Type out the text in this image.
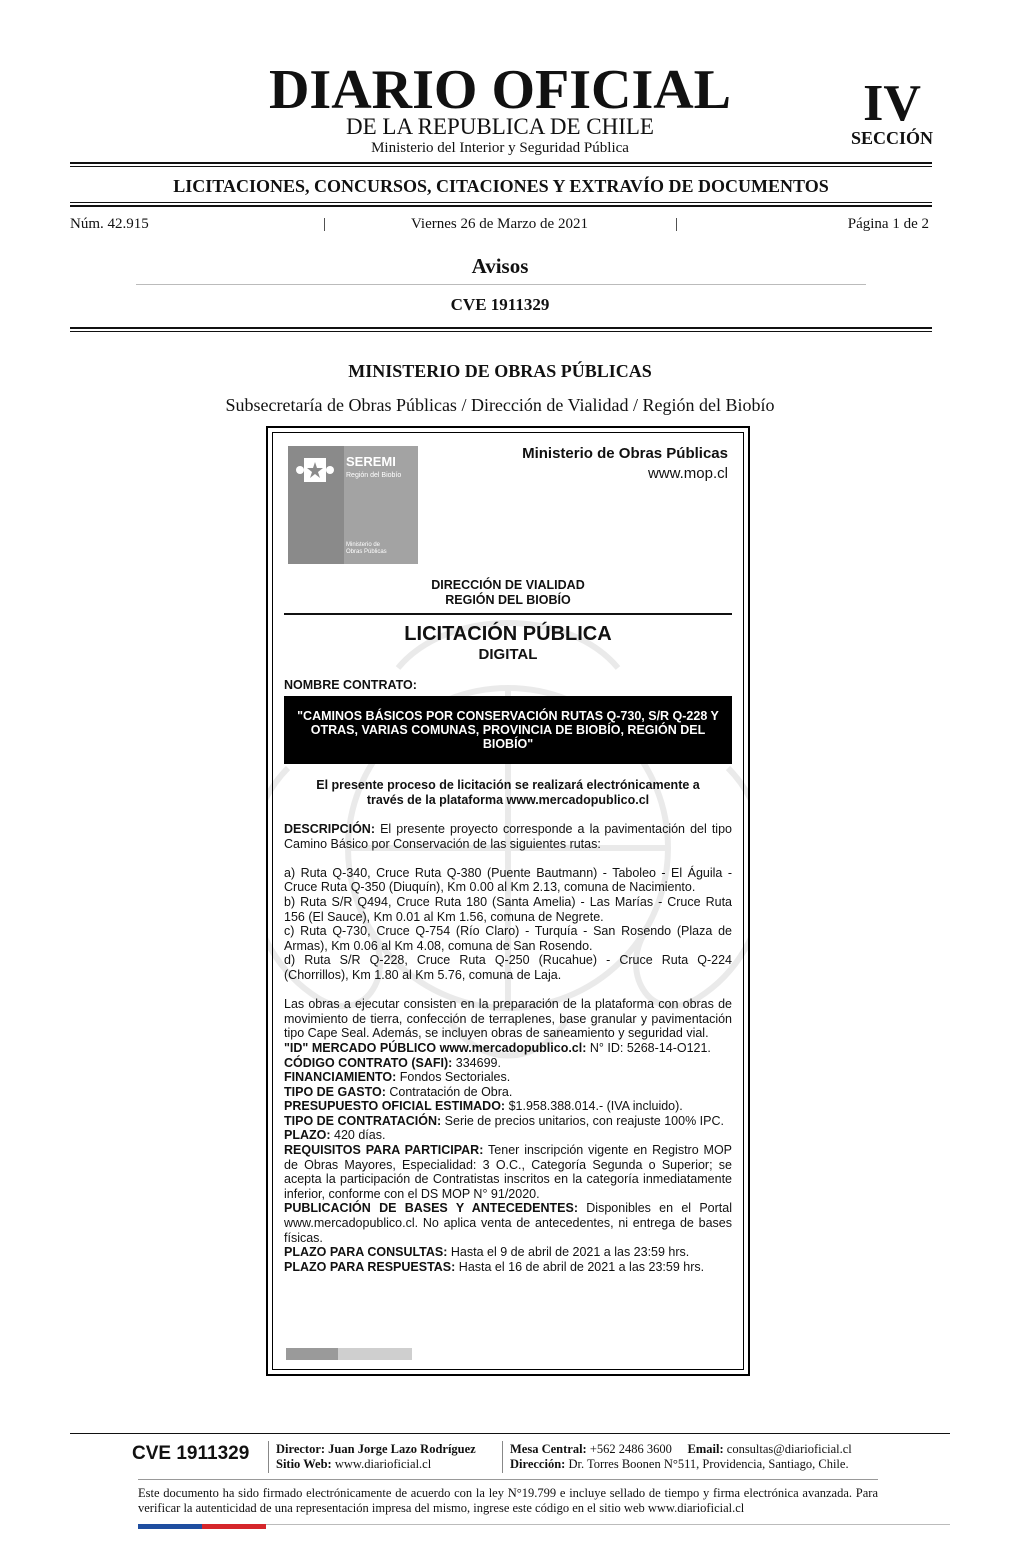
DIARIO OFICIAL
DE LA REPUBLICA DE CHILE
Ministerio del Interior y Seguridad Pública
IV
SECCIÓN
LICITACIONES, CONCURSOS, CITACIONES Y EXTRAVÍO DE DOCUMENTOS
Núm. 42.915	|	Viernes 26 de Marzo de 2021	|	Página 1 de 2
Avisos
CVE 1911329
MINISTERIO DE OBRAS PÚBLICAS
Subsecretaría de Obras Públicas / Dirección de Vialidad / Región del Biobío
SEREMI
Región del Biobío
Ministerio de
Obras Públicas
Ministerio de Obras Públicas
www.mop.cl
DIRECCIÓN DE VIALIDAD
REGIÓN DEL BIOBÍO
LICITACIÓN PÚBLICA
DIGITAL
NOMBRE CONTRATO:
"CAMINOS BÁSICOS POR CONSERVACIÓN RUTAS Q-730, S/R Q-228 Y OTRAS, VARIAS COMUNAS, PROVINCIA DE BIOBÍO, REGIÓN DEL BIOBÍO"
El presente proceso de licitación se realizará electrónicamente a través de la plataforma www.mercadopublico.cl

DESCRIPCIÓN: El presente proyecto corresponde a la pavimentación del tipo Camino Básico por Conservación de las siguientes rutas:

a) Ruta Q-340, Cruce Ruta Q-380 (Puente Bautmann) - Taboleo - El Águila - Cruce Ruta Q-350 (Diuquín), Km 0.00 al Km 2.13, comuna de Nacimiento.

b) Ruta S/R Q494, Cruce Ruta 180 (Santa Amelia) - Las Marías - Cruce Ruta 156 (El Sauce), Km 0.01 al Km 1.56, comuna de Negrete.

c) Ruta Q-730, Cruce Q-754 (Río Claro) - Turquía - San Rosendo (Plaza de Armas), Km 0.06 al Km 4.08, comuna de San Rosendo.

d) Ruta S/R Q-228, Cruce Ruta Q-250 (Rucahue) - Cruce Ruta Q-224 (Chorrillos), Km 1.80 al Km 5.76, comuna de Laja.

Las obras a ejecutar consisten en la preparación de la plataforma con obras de movimiento de tierra, confección de terraplenes, base granular y pavimentación tipo Cape Seal. Además, se incluyen obras de saneamiento y seguridad vial.

"ID" MERCADO PÚBLICO www.mercadopublico.cl: N° ID: 5268-14-O121.

CÓDIGO CONTRATO (SAFI): 334699.

FINANCIAMIENTO: Fondos Sectoriales.

TIPO DE GASTO: Contratación de Obra.

PRESUPUESTO OFICIAL ESTIMADO: $1.958.388.014.- (IVA incluido).

TIPO DE CONTRATACIÓN: Serie de precios unitarios, con reajuste 100% IPC.

PLAZO: 420 días.

REQUISITOS PARA PARTICIPAR: Tener inscripción vigente en Registro MOP de Obras Mayores, Especialidad: 3 O.C., Categoría Segunda o Superior; se acepta la participación de Contratistas inscritos en la categoría inmediatamente inferior, conforme con el DS MOP N° 91/2020.

PUBLICACIÓN DE BASES Y ANTECEDENTES: Disponibles en el Portal www.mercadopublico.cl. No aplica venta de antecedentes, ni entrega de bases físicas.

PLAZO PARA CONSULTAS: Hasta el 9 de abril de 2021 a las 23:59 hrs.

PLAZO PARA RESPUESTAS: Hasta el 16 de abril de 2021 a las 23:59 hrs.

CVE 1911329 Director: Juan Jorge Lazo Rodríguez
Sitio Web: www.diarioficial.cl
Mesa Central: +562 2486 3600 Email: consultas@diarioficial.cl
Dirección: Dr. Torres Boonen N°511, Providencia, Santiago, Chile.
Este documento ha sido firmado electrónicamente de acuerdo con la ley N°19.799 e incluye sellado de tiempo y firma electrónica avanzada. Para verificar la autenticidad de una representación impresa del mismo, ingrese este código en el sitio web www.diarioficial.cl
